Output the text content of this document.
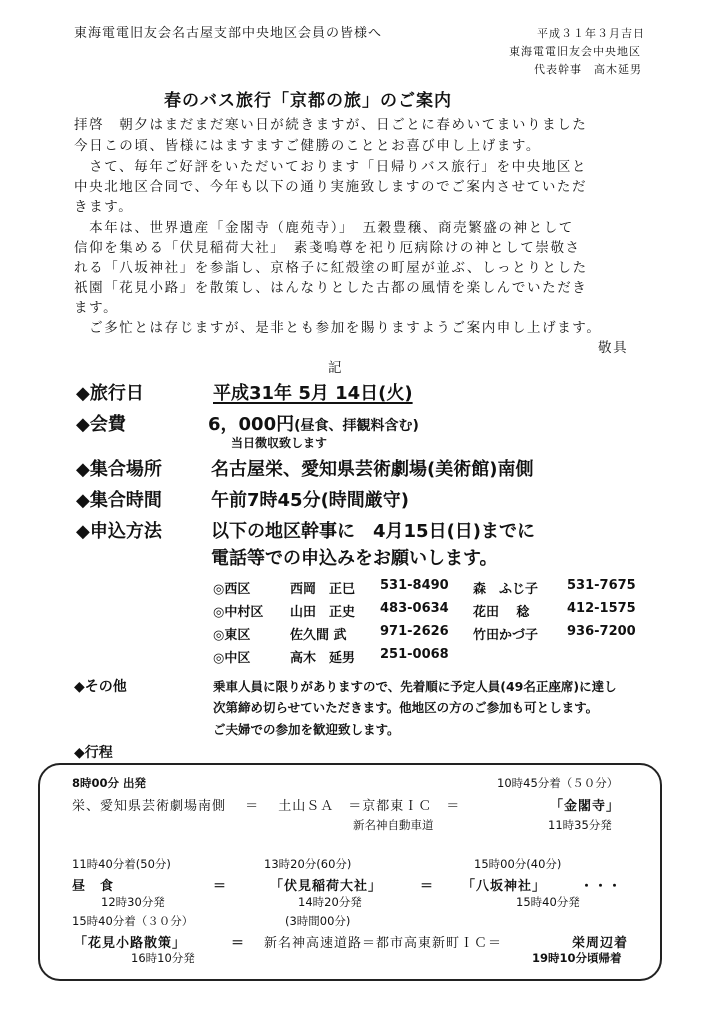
東海電電旧友会名古屋支部中央地区会員の皆様へ	平成３１年３月吉日
東海電電旧友会中央地区
代表幹事　高木延男
春のバス旅行「京都の旅」のご案内
拝啓　朝夕はまだまだ寒い日が続きますが、日ごとに春めいてまいりました
今日この頃、皆様にはますますご健勝のこととお喜び申し上げます。
　さて、毎年ご好評をいただいております「日帰りバス旅行」を中央地区と
中央北地区合同で、今年も以下の通り実施致しますのでご案内させていただ
きます。
　本年は、世界遺産「金閣寺（鹿苑寺）」　五穀豊穣、商売繁盛の神として
信仰を集める「伏見稲荷大社」　素戔嗚尊を祀り厄病除けの神として崇敬さ
れる「八坂神社」を参詣し、京格子に紅殻塗の町屋が並ぶ、しっとりとした
祇園「花見小路」を散策し、はんなりとした古都の風情を楽しんでいただき
ます。
　ご多忙とは存じますが、是非とも参加を賜りますようご案内申し上げます。
敬具
記
◆旅行日	平成31年 5月 14日(火)
◆会費	6，000円(昼食、拝観料含む)
当日徴収致します
◆集合場所	名古屋栄、愛知県芸術劇場(美術館)南側
◆集合時間	午前7時45分(時間厳守)
◆申込方法	以下の地区幹事に　4月15日(日)までに
電話等での申込みをお願いします。
◎西区	西岡　正巳 531-8490 森　ふじ子 531-7675
◎中村区 山田　正史 483-0634 花田　 稔	412-1575
◎東区	佐久間 武	971-2626 竹田かづ子 936-7200
◎中区	高木　延男 251-0068
◆その他	乗車人員に限りがありますので、先着順に予定人員(49名正座席)に達し
次第締め切らせていただきます。他地区の方のご参加も可とします。
ご夫婦での参加を歓迎致します。
◆行程
8時00分 出発	10時45分着（５０分）
栄、愛知県芸術劇場南側　 ＝　 土山ＳＡ　＝京都東ＩＣ　＝	「金閣寺」
新名神自動車道	11時35分発
11時40分着(50分)	13時20分(60分)	15時00分(40分)
昼　食	＝	「伏見稲荷大社」	＝ 「八坂神社」	・・・
12時30分発	14時20分発	15時40分発
15時40分着（３０分）	(3時間00分)
「花見小路散策」	＝ 新名神高速道路＝都市高東新町ＩＣ＝	栄周辺着
16時10分発	19時10分頃帰着
